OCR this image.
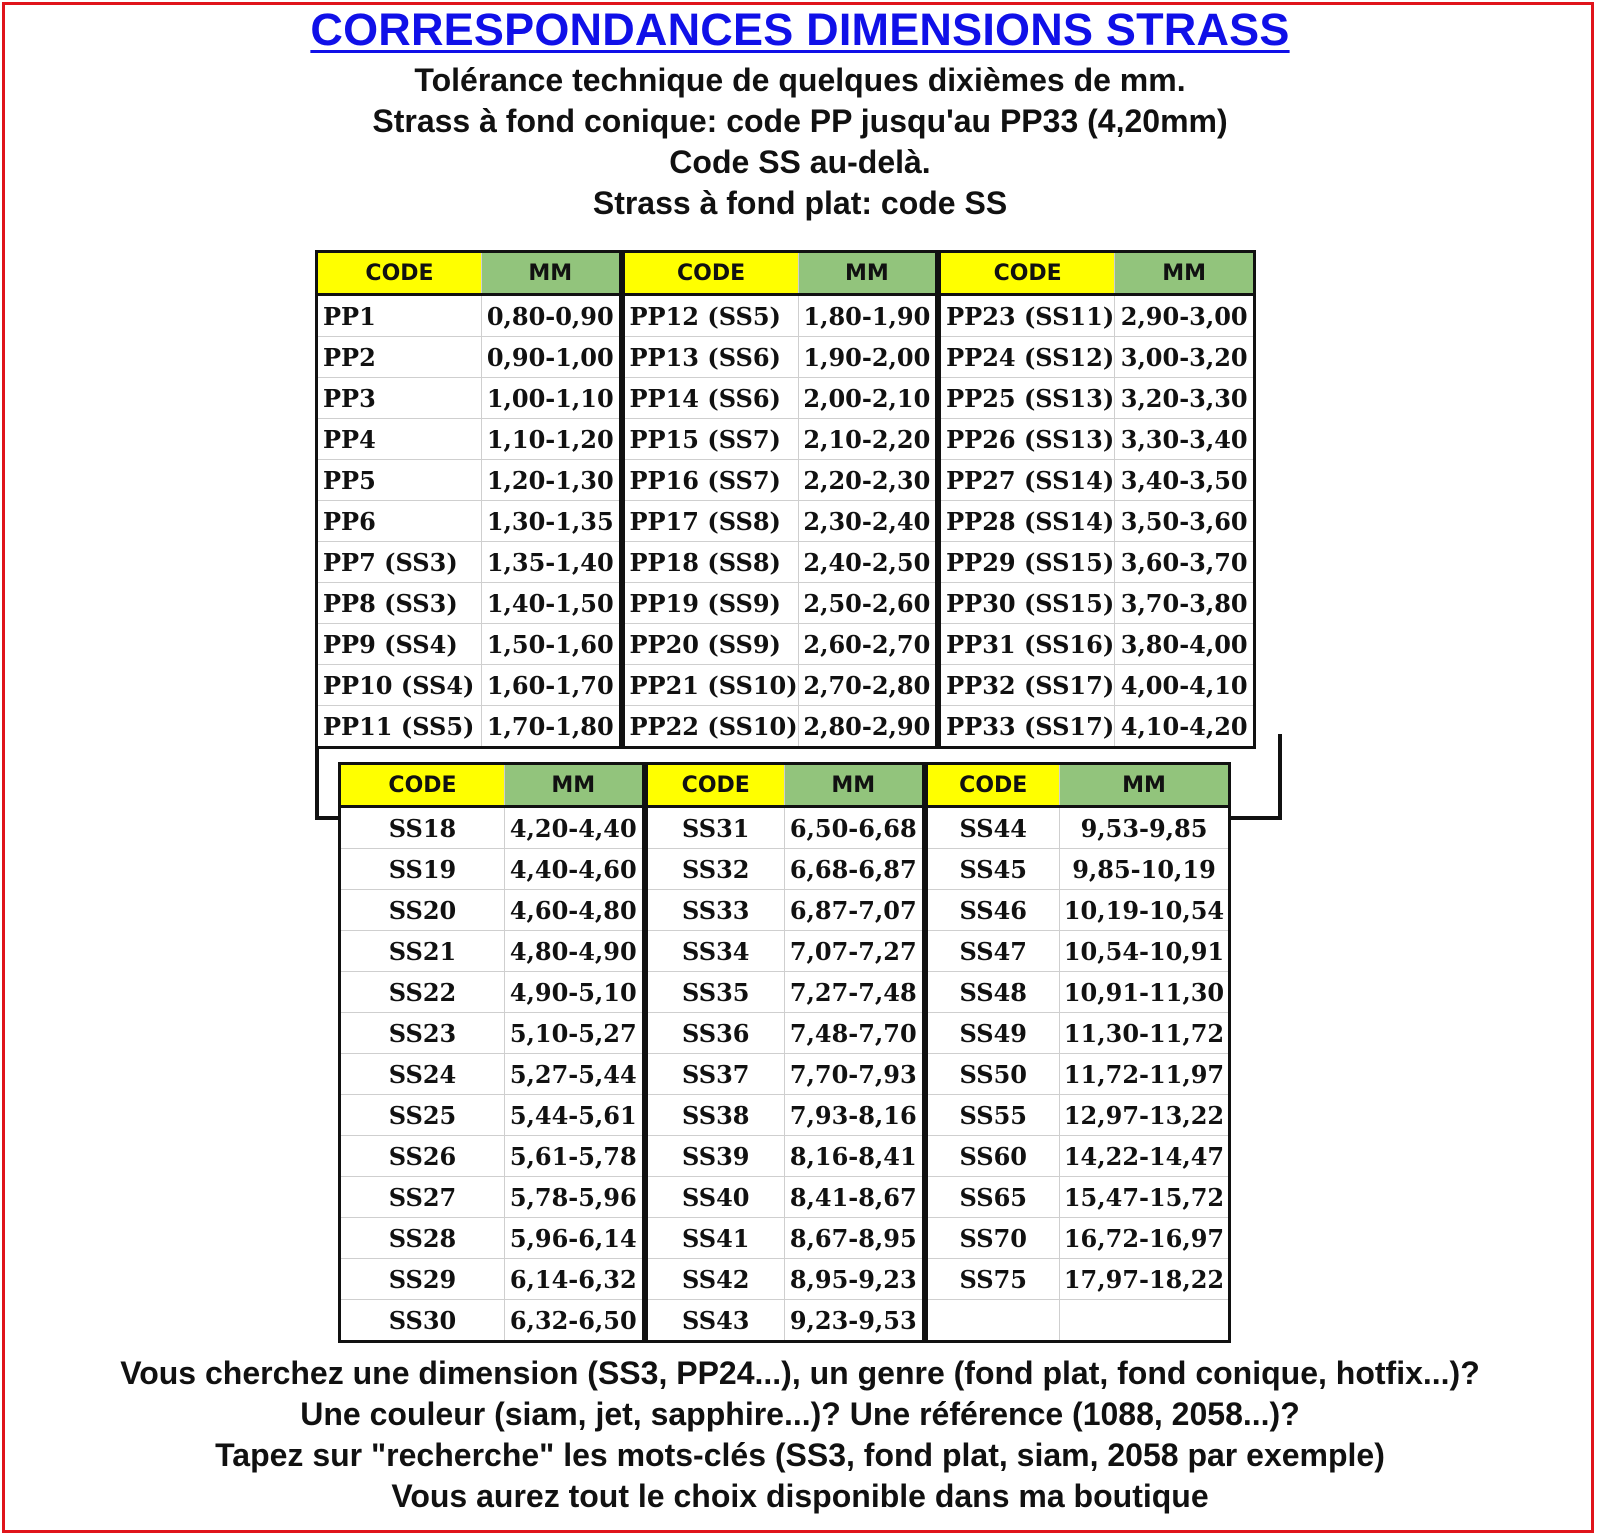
CORRESPONDANCES DIMENSIONS STRASS
Tolérance technique de quelques dixièmes de mm.
Strass à fond conique: code PP jusqu'au PP33 (4,20mm)
Code SS au-delà.
Strass à fond plat: code SS
CODE	MM	CODE	MM	CODE	MM
PP1	0,80-0,90	PP12 (SS5)	1,80-1,90	PP23 (SS11)	2,90-3,00
PP2	0,90-1,00	PP13 (SS6)	1,90-2,00	PP24 (SS12)	3,00-3,20
PP3	1,00-1,10	PP14 (SS6)	2,00-2,10	PP25 (SS13)	3,20-3,30
PP4	1,10-1,20	PP15 (SS7)	2,10-2,20	PP26 (SS13)	3,30-3,40
PP5	1,20-1,30	PP16 (SS7)	2,20-2,30	PP27 (SS14)	3,40-3,50
PP6	1,30-1,35	PP17 (SS8)	2,30-2,40	PP28 (SS14)	3,50-3,60
PP7 (SS3)	1,35-1,40	PP18 (SS8)	2,40-2,50	PP29 (SS15)	3,60-3,70
PP8 (SS3)	1,40-1,50	PP19 (SS9)	2,50-2,60	PP30 (SS15)	3,70-3,80
PP9 (SS4)	1,50-1,60	PP20 (SS9)	2,60-2,70	PP31 (SS16)	3,80-4,00
PP10 (SS4)	1,60-1,70	PP21 (SS10)	2,70-2,80	PP32 (SS17)	4,00-4,10
PP11 (SS5)	1,70-1,80	PP22 (SS10)	2,80-2,90	PP33 (SS17)	4,10-4,20
CODE	MM	CODE	MM	CODE	MM
SS18	4,20-4,40	SS31	6,50-6,68	SS44	9,53-9,85
SS19	4,40-4,60	SS32	6,68-6,87	SS45	9,85-10,19
SS20	4,60-4,80	SS33	6,87-7,07	SS46	10,19-10,54
SS21	4,80-4,90	SS34	7,07-7,27	SS47	10,54-10,91
SS22	4,90-5,10	SS35	7,27-7,48	SS48	10,91-11,30
SS23	5,10-5,27	SS36	7,48-7,70	SS49	11,30-11,72
SS24	5,27-5,44	SS37	7,70-7,93	SS50	11,72-11,97
SS25	5,44-5,61	SS38	7,93-8,16	SS55	12,97-13,22
SS26	5,61-5,78	SS39	8,16-8,41	SS60	14,22-14,47
SS27	5,78-5,96	SS40	8,41-8,67	SS65	15,47-15,72
SS28	5,96-6,14	SS41	8,67-8,95	SS70	16,72-16,97
SS29	6,14-6,32	SS42	8,95-9,23	SS75	17,97-18,22
SS30	6,32-6,50	SS43	9,23-9,53		
Vous cherchez une dimension (SS3, PP24...), un genre (fond plat, fond conique, hotfix...)?
Une couleur (siam, jet, sapphire...)? Une référence (1088, 2058...)?
Tapez sur "recherche" les mots-clés (SS3, fond plat, siam, 2058 par exemple)
Vous aurez tout le choix disponible dans ma boutique
